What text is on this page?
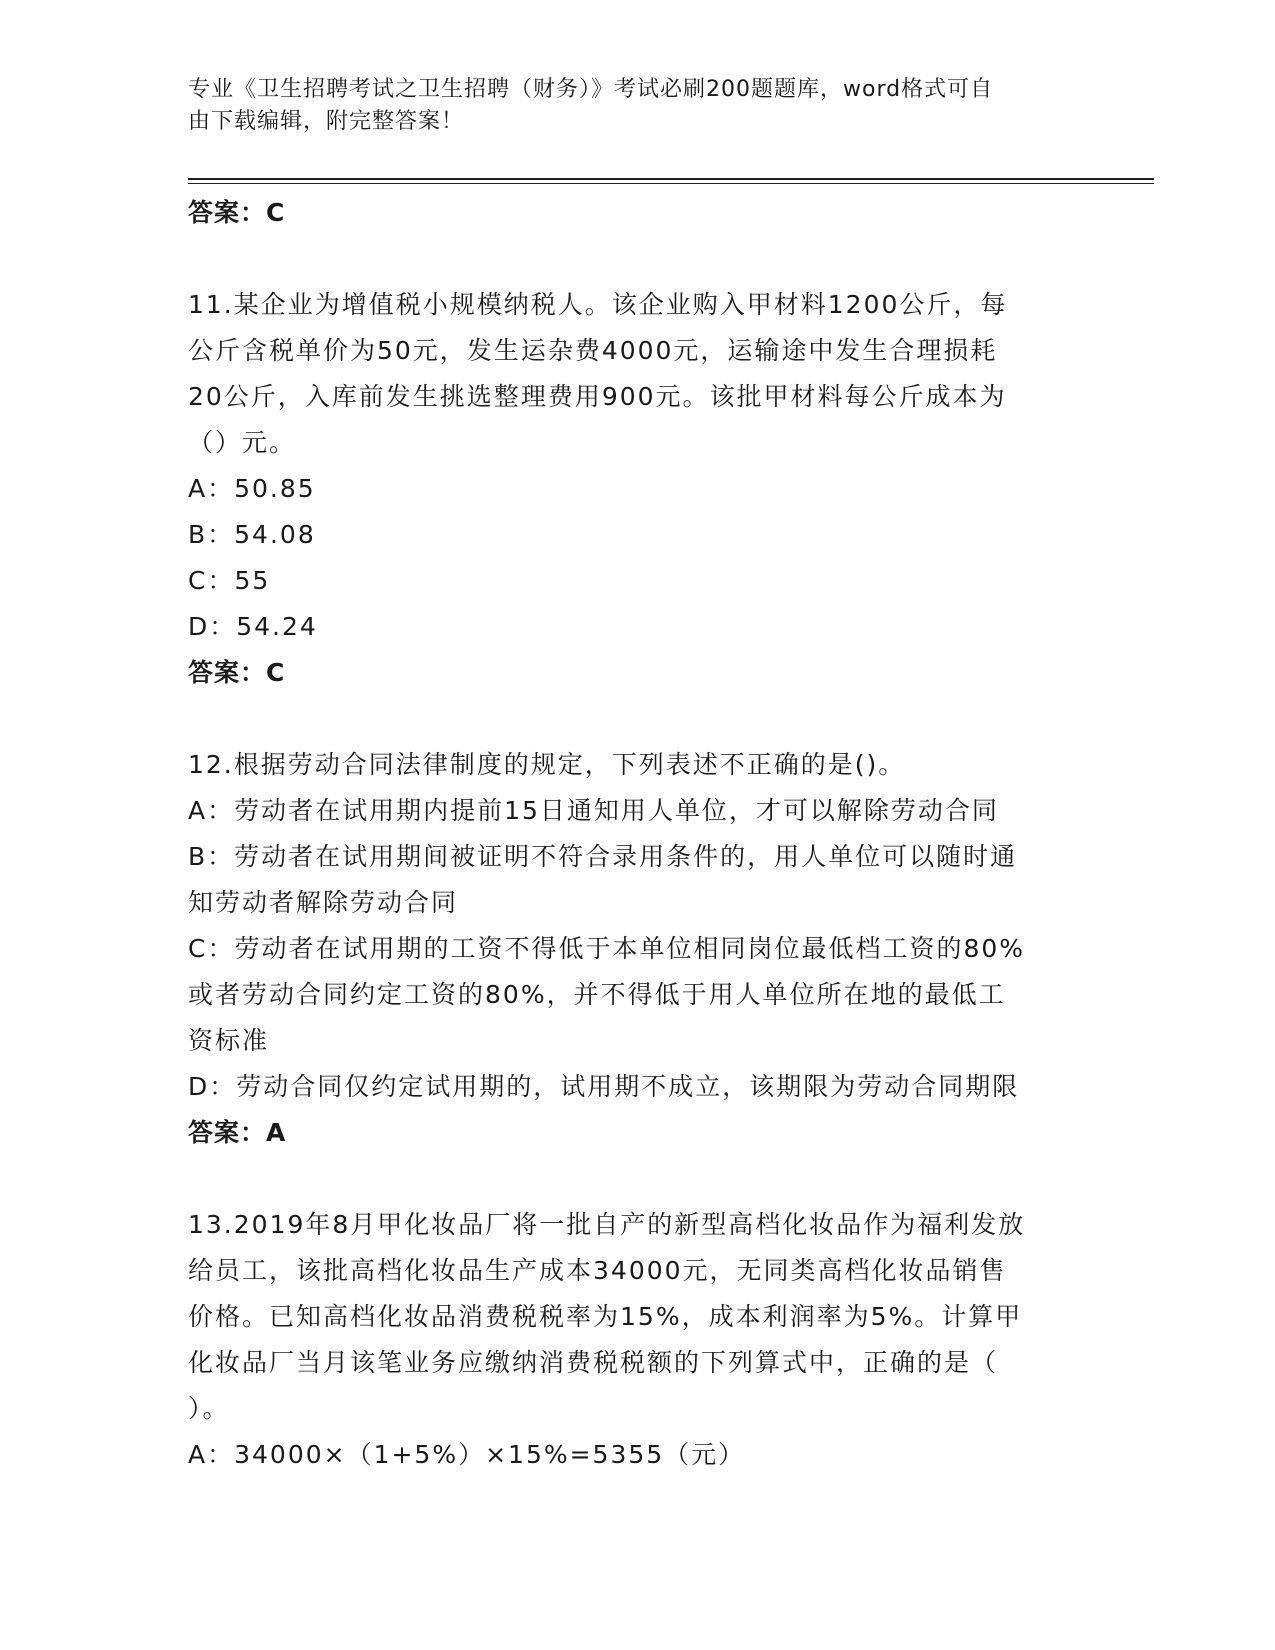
专业《卫生招聘考试之卫生招聘（财务）》考试必刷200题题库，word格式可自
由下载编辑，附完整答案！
答案：C
11.某企业为增值税小规模纳税人。该企业购入甲材料1200公斤，每
公斤含税单价为50元，发生运杂费4000元，运输途中发生合理损耗
20公斤，入库前发生挑选整理费用900元。该批甲材料每公斤成本为
（）元。
A：50.85
B：54.08
C：55
D：54.24
答案：C
12.根据劳动合同法律制度的规定，下列表述不正确的是()。
A：劳动者在试用期内提前15日通知用人单位，才可以解除劳动合同
B：劳动者在试用期间被证明不符合录用条件的，用人单位可以随时通
知劳动者解除劳动合同
C：劳动者在试用期的工资不得低于本单位相同岗位最低档工资的80%
或者劳动合同约定工资的80%，并不得低于用人单位所在地的最低工
资标准
D：劳动合同仅约定试用期的，试用期不成立，该期限为劳动合同期限
答案：A
13.2019年8月甲化妆品厂将一批自产的新型高档化妆品作为福利发放
给员工，该批高档化妆品生产成本34000元，无同类高档化妆品销售
价格。已知高档化妆品消费税税率为15%，成本利润率为5%。计算甲
化妆品厂当月该笔业务应缴纳消费税税额的下列算式中，正确的是（
）。
A：34000×（1+5%）×15%=5355（元）
